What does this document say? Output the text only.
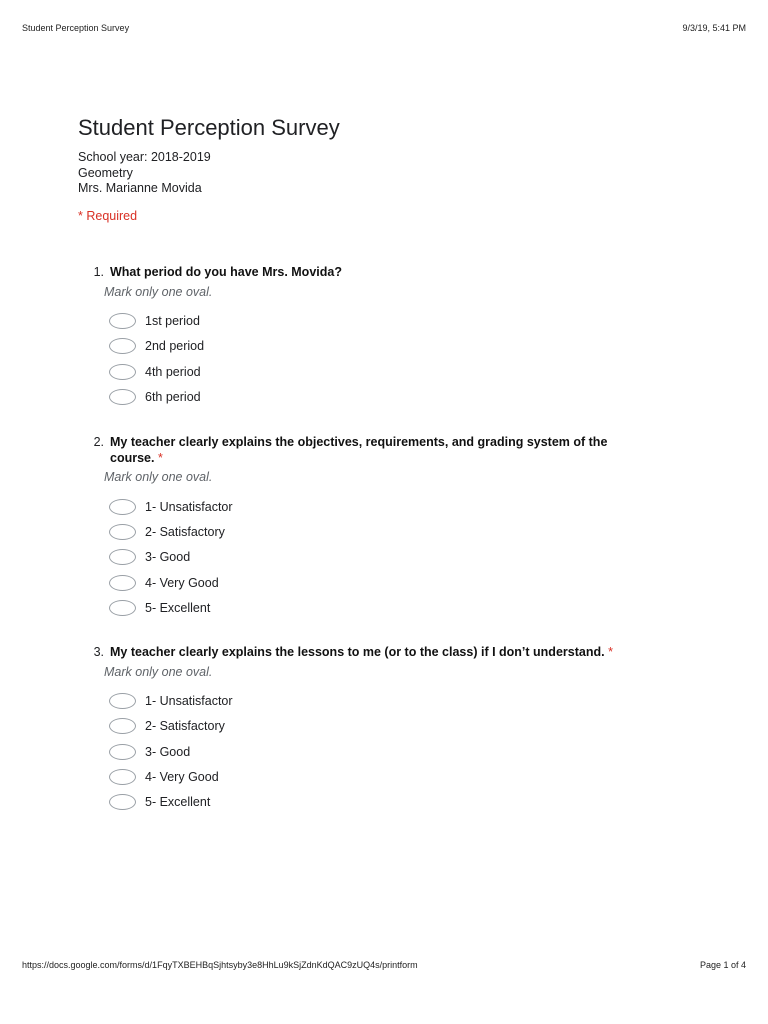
Student Perception Survey	9/3/19, 5:41 PM
Student Perception Survey
School year: 2018-2019
Geometry
Mrs. Marianne Movida
* Required
1. What period do you have Mrs. Movida?
Mark only one oval.
1st period
2nd period
4th period
6th period
2. My teacher clearly explains the objectives, requirements, and grading system of the course. *
Mark only one oval.
1- Unsatisfactor
2- Satisfactory
3- Good
4- Very Good
5- Excellent
3. My teacher clearly explains the lessons to me (or to the class) if I don’t understand. *
Mark only one oval.
1- Unsatisfactor
2- Satisfactory
3- Good
4- Very Good
5- Excellent
https://docs.google.com/forms/d/1FqyTXBEHBqSjhtsyby3e8HhLu9kSjZdnKdQAC9zUQ4s/printform	Page 1 of 4
